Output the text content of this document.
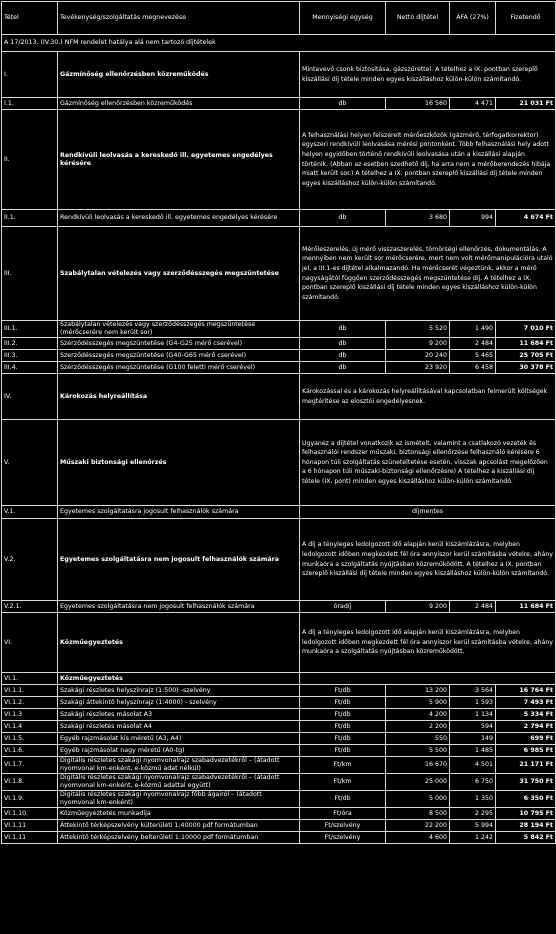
Tétel	Tevékenység/szolgáltatás megnevezése	Mennyiségi egység	Nettó díjtétel	ÁFA (27%)	Fizetendő
A 17/2013. (IV.30.) NFM rendelet hatálya alá nem tartozó díjtételek					
I.	Gázmínőség ellenőrzésben közreműködés	Mintavevő csonk biztosítása, gázszűrettel. A tételhez a IX. pontban szereplő kiszállási díj tétele minden egyes kiszálláshoz külön-külön számítandó.			
I.1.	Gázmínőség ellenőrzésben közreműködés	db	16 560	4 471	21 031 Ft
II.	Rendkívüli leolvasás a kereskedő ill. egyetemes engedélyes kérésére	A felhasználási helyen felszerelt mérőeszközök (gázmérő, térfogatkorrektor) egyszeri rendkívüli leolvasása mérési pontonként. Több felhasználási hely adott helyen egyidőben történő rendkívüli leolvasása után a kiszállási alapján történik. (Abban az esetben szedhető díj, ha arra nem a mérőberendezés hibája miatt került sor.) A tételhez a IX. pontban szereplő kiszállási díj tétele minden egyes kiszálláshoz külön-külön számítandó.			
II.1.	Rendkívüli leolvasás a kereskedő ill. egyetemes engedélyes kérésére	db	3 680	994	4 674 Ft
III.	Szabálytalan vételezés vagy szerződésszegés megszüntetése	Mérőleszerelés, új mérő visszaszerelés, tömörségi ellenőrzés, dokumentálás. A mennyiben nem került sor mérőcserére, mert nem volt mérőmanipulációra utaló jel, a III.1-es díjtétel alkalmazandó. Ha mérőcserét végeztünk, akkor a mérő nagyságától függően szerződésszegés megszüntetése díj. A tételhez a IX. pontban szereplő kiszállási díj tétele minden egyes kiszálláshoz külön-külön számítandó.			
III.1.	Szabálytalan vételezés vagy szerződésszegés megszüntetése (mérőcserére nem került sor)	db	5 520	1 490	7 010 Ft
III.2.	Szerződésszegés megszüntetése (G4-G25 mérő cserével)	db	9 200	2 484	11 684 Ft
III.3.	Szerződésszegés megszüntetése (G40-G65 mérő cserével)	db	20 240	5 465	25 705 Ft
III.4.	Szerződésszegés megszüntetése (G100 feletti mérő cserével)	db	23 920	6 458	30 378 Ft
IV.	Károkozás helyreállítása	Károkozással és a károkozás helyreállításával kapcsolatban felmerült költségek megtérítése az elosztói engedélyesnek.			
V.	Műszaki biztonsági ellenőrzés	Ugyanez a díjtétel vonatkozik az ismételt, valamint a csatlakozó vezeték és felhasználói rendszer műszaki, biztonsági ellenőrzése felhasználó kérésére 6 hónapon túli szolgáltatás szüneteltetése esetén, visszak apcsolást megelőzően a 6 hónapon túli műszaki-biztonsági ellenőrzésre) A tételhez a kiszállási díj tétele (IX. pont) minden egyes kiszálláshoz külön-külön számítandó.			
V.1.	Egyetemes szolgáltatásra jogosult felhasználók számára	díjmentes			
V.2.	Egyetemes szolgáltatásra nem jogosult felhasználók számára	A díj a tényleges ledolgozott idő alapján kerül kiszámlázásra, melyben ledolgozott időben megkezdett fél óra annyiszor kerül számításba vételre, ahány munkaóra a szolgáltatás nyújtásban közreműködött. A tételhez a IX. pontban szereplő kiszállási díj tétele minden egyes kiszálláshoz külön-külön számítandó.			
V.2.1.	Egyetemes szolgáltatásra nem jogosult felhasználók számára	óradíj	9 200	2 484	11 684 Ft
VI.	Közműegyeztetés	A díj a tényleges ledolgozott idő alapján kerül kiszámlázásra, melyben ledolgozott időben megkezdett fél óra annyiszor kerül számításba vételre, ahány munkaóra a szolgáltatás nyújtásban közreműködött.			
VI.1.	Közműegyeztetés				
VI.1.1.	Szakági részletes helyszínrajz (1:500) -szelvény	Ft/db	13 200	3 564	16 764 Ft
VI.1.2.	Szakági áttekintő helyszínrajz (1:4000) - szelvény	Ft/db	5 900	1 593	7 493 Ft
VI.1.3	Szakági részletes másolat A3	Ft/db	4 200	1 134	5 334 Ft
VI.1.4	Szakági részletes másolat A4	Ft/db	2 200	594	2 794 Ft
VI.1.5.	Egyéb rajzmásolat kis méretű (A3, A4)	Ft/db	550	149	699 Ft
VI.1.6.	Egyéb rajzmásolat nagy méretű (A0-tg)	Ft/db	5 500	1 485	6 985 Ft
VI.1.7.	Digitális részletes szakági nyomvonalrajz szabadvezetékről – (átadott nyomvonal km-enként, e-közmű adat nélkül)	Ft/km	16 670	4 501	21 171 Ft
VI.1.8.	Digitális részletes szakági nyomvonalrajz szabadvezetékről – (átadott nyomvonal km-enként, e-közmű adattal együtt)	Ft/km	25 000	6 750	31 750 Ft
VI.1.9.	Digitális részletes szakági nyomvonalrajz főbb ágairól – (átadott nyomvonal km-enként)	Ft/db	5 000	1 350	6 350 Ft
VI.1.10.	Közműegyeztetés munkadíja	Ft/óra	8 500	2 295	10 795 Ft
VI.1.11	Áttekintő térképszelvény külterületi 1:40000 pdf formátumban	Ft/szelvény	22 200	5 994	28 194 Ft
VI.1.11	Áttekintő térképszelvény belterületi 1:10000 pdf formátumban	Ft/szelvény	4 600	1 242	5 842 Ft
